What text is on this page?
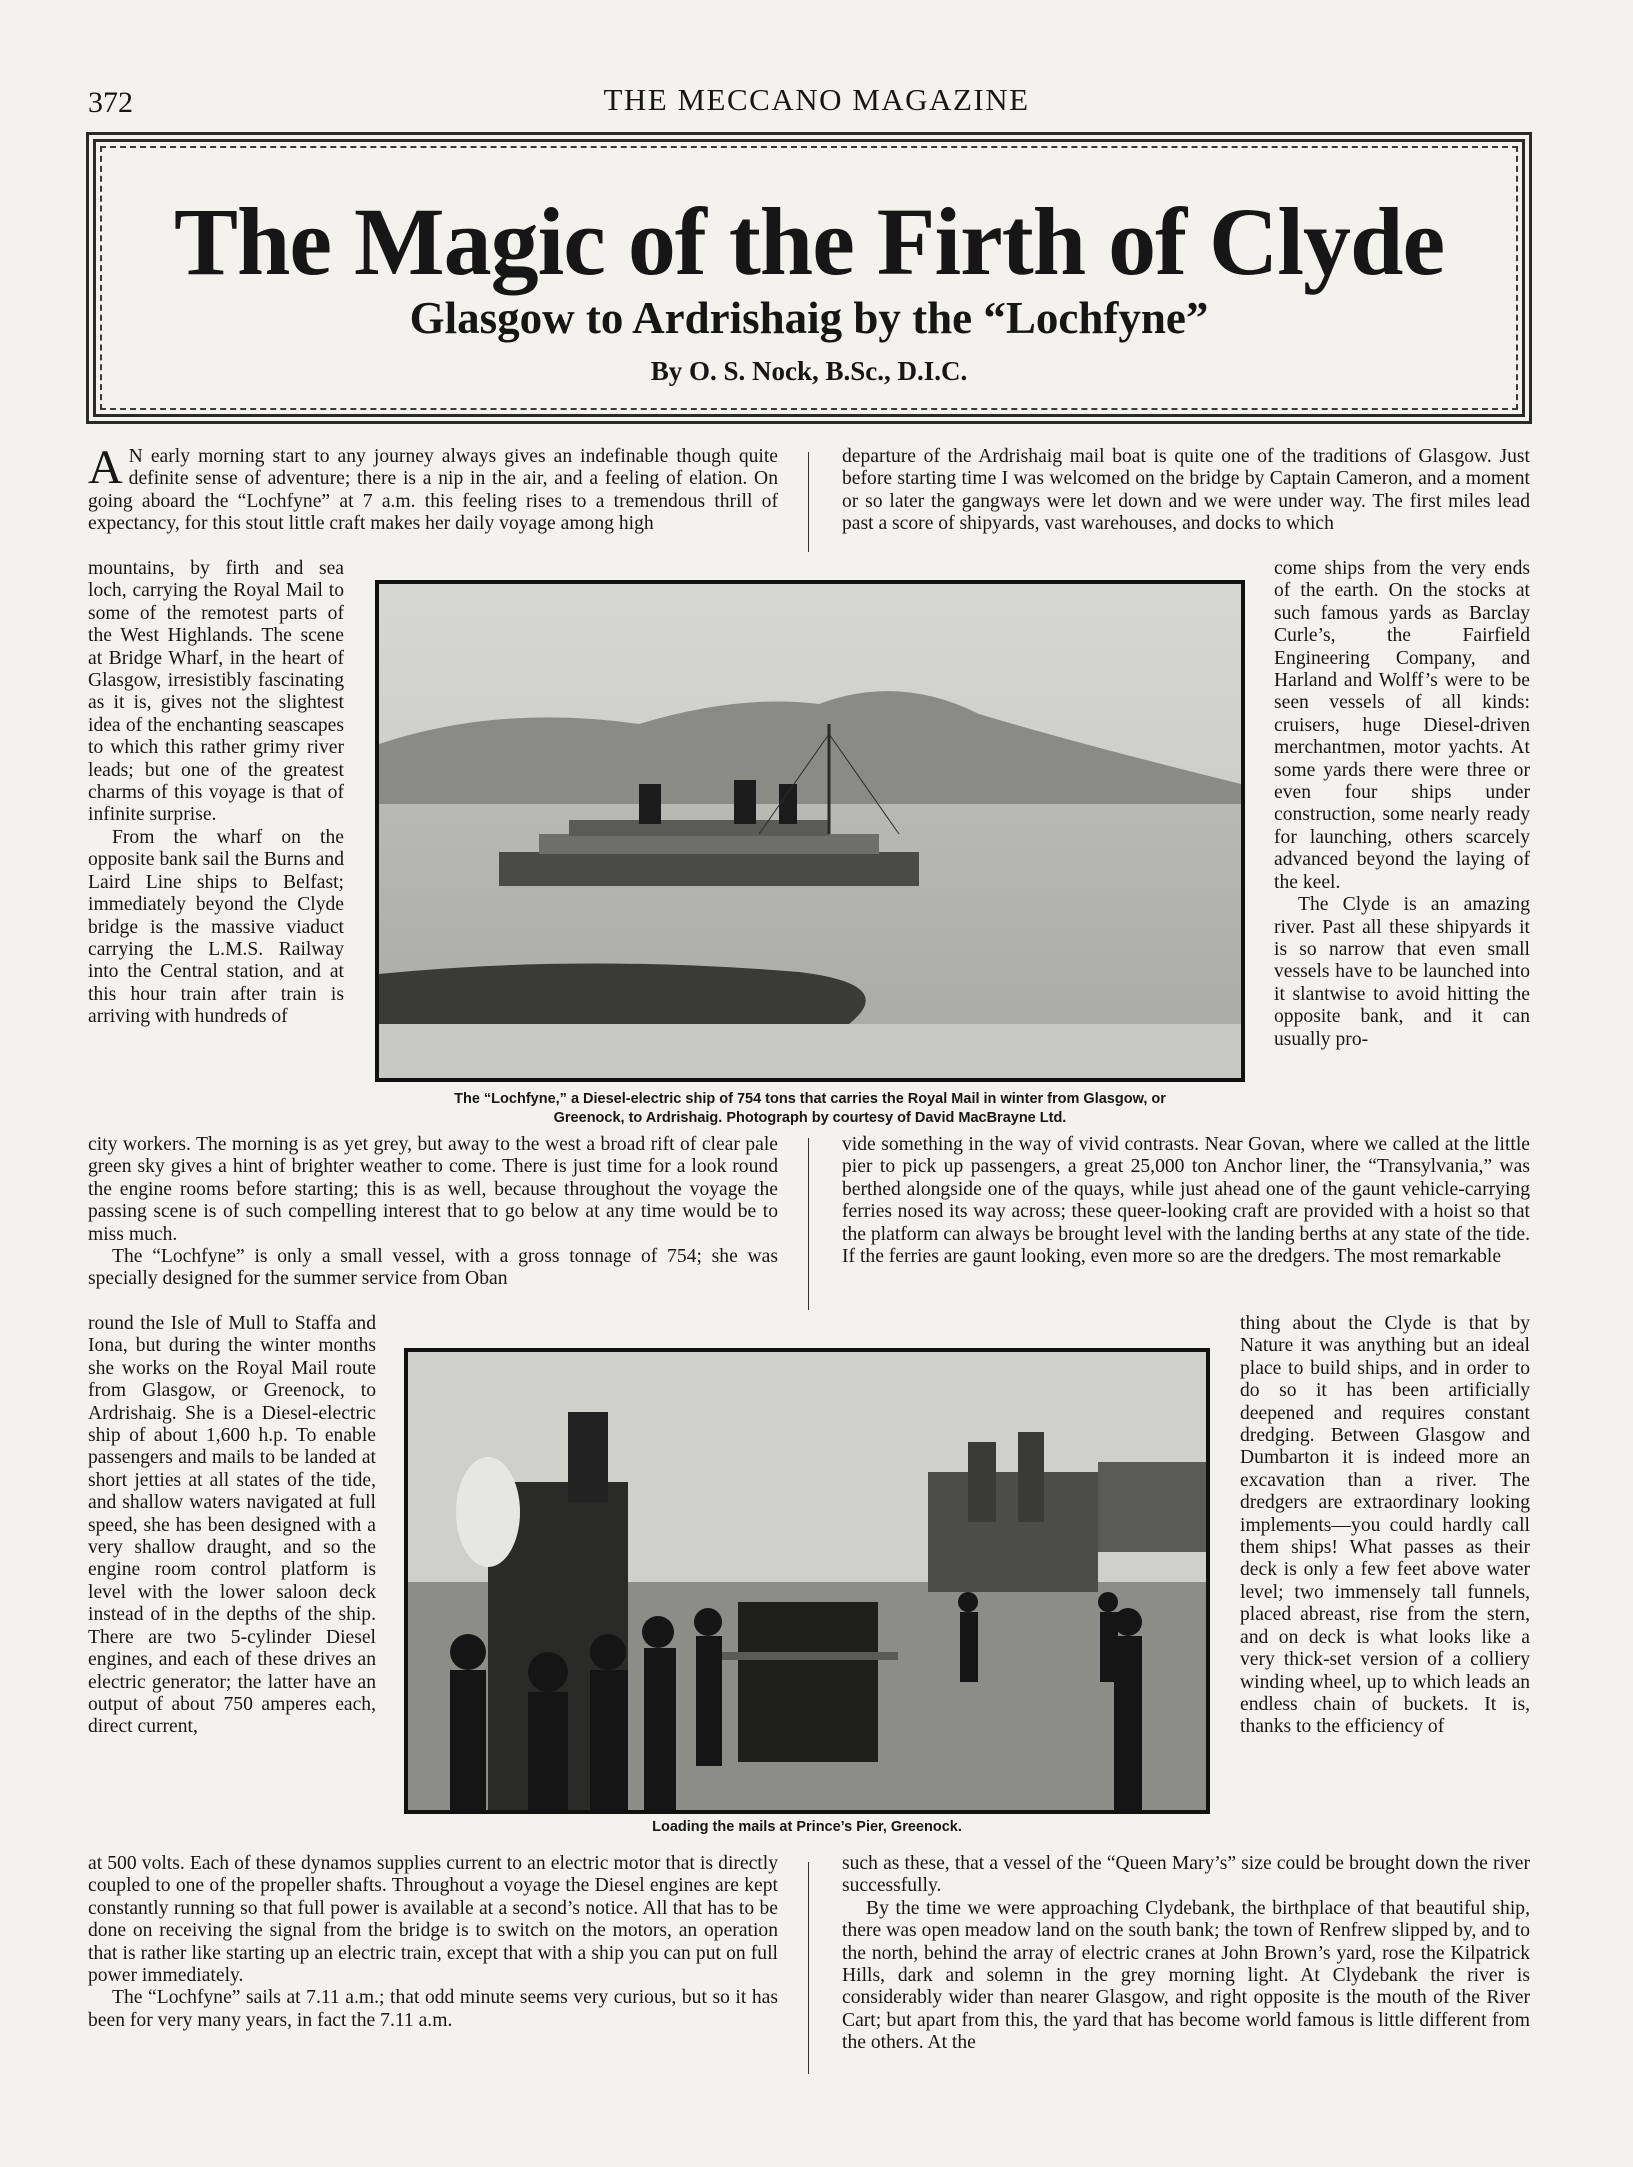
372	THE MECCANO MAGAZINE
The Magic of the Firth of Clyde
Glasgow to Ardrishaig by the “Lochfyne”
By O. S. Nock, B.Sc., D.I.C.
A N early morning start to any journey always gives an indefinable though quite definite sense of adventure; there is a nip in the air, and a feeling of elation. On going aboard the “Lochfyne” at 7 a.m. this feeling rises to a tremendous thrill of expectancy, for this stout little craft makes her daily voyage among high

mountains, by firth and sea loch, carrying the Royal Mail to some of the remotest parts of the West Highlands. The scene at Bridge Wharf, in the heart of Glasgow, irresistibly fascinating as it is, gives not the slightest idea of the enchanting seascapes to which this rather grimy river leads; but one of the greatest charms of this voyage is that of infinite surprise.

From the wharf on the opposite bank sail the Burns and Laird Line ships to Belfast; immediately beyond the Clyde bridge is the massive viaduct carrying the L.M.S. Railway into the Central station, and at this hour train after train is arriving with hundreds of

city workers. The morning is as yet grey, but away to the west a broad rift of clear pale green sky gives a hint of brighter weather to come. There is just time for a look round the engine rooms before starting; this is as well, because throughout the voyage the passing scene is of such compelling interest that to go below at any time would be to miss much.

The “Lochfyne” is only a small vessel, with a gross tonnage of 754; she was specially designed for the summer service from Oban

round the Isle of Mull to Staffa and Iona, but during the winter months she works on the Royal Mail route from Glasgow, or Greenock, to Ardrishaig. She is a Diesel-electric ship of about 1,600 h.p. To enable passengers and mails to be landed at short jetties at all states of the tide, and shallow waters navigated at full speed, she has been designed with a very shallow draught, and so the engine room control platform is level with the lower saloon deck instead of in the depths of the ship. There are two 5-cylinder Diesel engines, and each of these drives an electric generator; the latter have an output of about 750 amperes each, direct current,

at 500 volts. Each of these dynamos supplies current to an electric motor that is directly coupled to one of the propeller shafts. Throughout a voyage the Diesel engines are kept constantly running so that full power is available at a second’s notice. All that has to be done on receiving the signal from the bridge is to switch on the motors, an operation that is rather like starting up an electric train, except that with a ship you can put on full power immediately.

The “Lochfyne” sails at 7.11 a.m.; that odd minute seems very curious, but so it has been for very many years, in fact the 7.11 a.m.

departure of the Ardrishaig mail boat is quite one of the traditions of Glasgow. Just before starting time I was welcomed on the bridge by Captain Cameron, and a moment or so later the gangways were let down and we were under way. The first miles lead past a score of shipyards, vast warehouses, and docks to which

come ships from the very ends of the earth. On the stocks at such famous yards as Barclay Curle’s, the Fairfield Engineering Company, and Harland and Wolff’s were to be seen vessels of all kinds: cruisers, huge Diesel-driven merchantmen, motor yachts. At some yards there were three or even four ships under construction, some nearly ready for launching, others scarcely advanced beyond the laying of the keel.

The Clyde is an amazing river. Past all these shipyards it is so narrow that even small vessels have to be launched into it slantwise to avoid hitting the opposite bank, and it can usually pro-

vide something in the way of vivid contrasts. Near Govan, where we called at the little pier to pick up passengers, a great 25,000 ton Anchor liner, the “Transylvania,” was berthed alongside one of the quays, while just ahead one of the gaunt vehicle-carrying ferries nosed its way across; these queer-looking craft are provided with a hoist so that the platform can always be brought level with the landing berths at any state of the tide. If the ferries are gaunt looking, even more so are the dredgers. The most remarkable

thing about the Clyde is that by Nature it was anything but an ideal place to build ships, and in order to do so it has been artificially deepened and requires constant dredging. Between Glasgow and Dumbarton it is indeed more an excavation than a river. The dredgers are extraordinary looking implements—you could hardly call them ships! What passes as their deck is only a few feet above water level; two immensely tall funnels, placed abreast, rise from the stern, and on deck is what looks like a very thick-set version of a colliery winding wheel, up to which leads an endless chain of buckets. It is, thanks to the efficiency of

such as these, that a vessel of the “Queen Mary’s” size could be brought down the river successfully.

By the time we were approaching Clydebank, the birthplace of that beautiful ship, there was open meadow land on the south bank; the town of Renfrew slipped by, and to the north, behind the array of electric cranes at John Brown’s yard, rose the Kilpatrick Hills, dark and solemn in the grey morning light. At Clydebank the river is considerably wider than nearer Glasgow, and right opposite is the mouth of the River Cart; but apart from this, the yard that has become world famous is little different from the others. At the

The “Lochfyne,” a Diesel-electric ship of 754 tons that carries the Royal Mail in winter from Glasgow, or
Greenock, to Ardrishaig. Photograph by courtesy of David MacBrayne Ltd.
Loading the mails at Prince’s Pier, Greenock.
